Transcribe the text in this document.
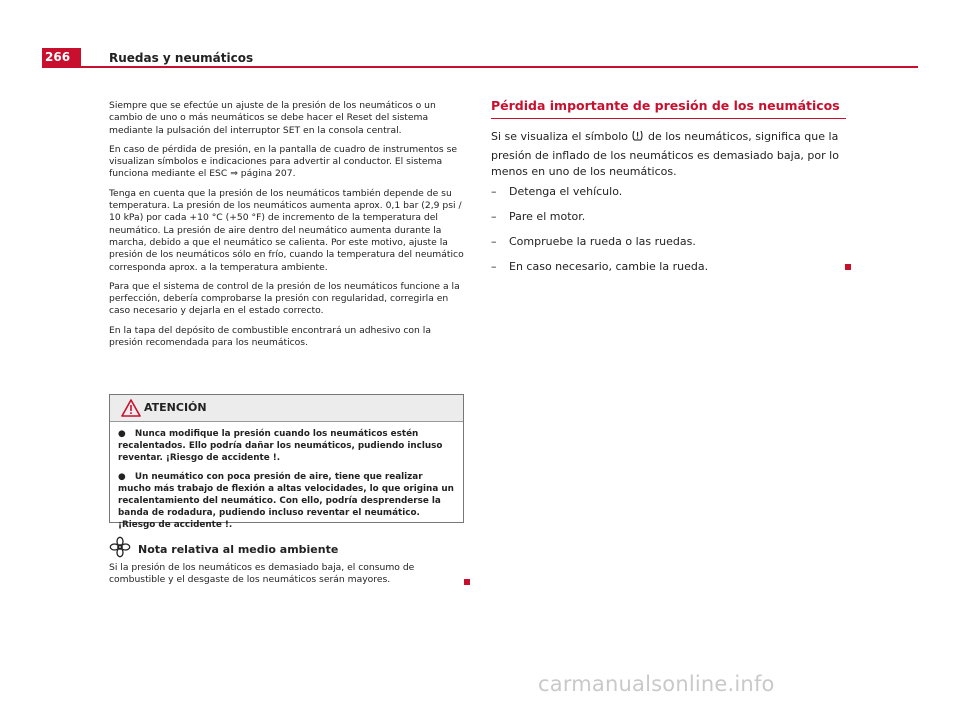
266	Ruedas y neumáticos

Siempre que se efectúe un ajuste de la presión de los neumáticos o un cambio de uno o más neumáticos se debe hacer el Reset del sistema mediante la pulsación del interruptor SET en la consola central.

En caso de pérdida de presión, en la pantalla de cuadro de instrumentos se visualizan símbolos e indicaciones para advertir al conductor. El sistema funciona mediante el ESC ⇒ página 207.

Tenga en cuenta que la presión de los neumáticos también depende de su temperatura. La presión de los neumáticos aumenta aprox. 0,1 bar (2,9 psi / 10 kPa) por cada +10 °C (+50 °F) de incremento de la temperatura del neumático. La presión de aire dentro del neumático aumenta durante la marcha, debido a que el neumático se calienta. Por este motivo, ajuste la presión de los neumáticos sólo en frío, cuando la temperatura del neumático corresponda aprox. a la temperatura ambiente.

Para que el sistema de control de la presión de los neumáticos funcione a la perfección, debería comprobarse la presión con regularidad, corregirla en caso necesario y dejarla en el estado correcto.

En la tapa del depósito de combustible encontrará un adhesivo con la presión recomendada para los neumáticos.

ATENCIÓN

● Nunca modifique la presión cuando los neumáticos estén recalentados. Ello podría dañar los neumáticos, pudiendo incluso reventar. ¡Riesgo de accidente !.

● Un neumático con poca presión de aire, tiene que realizar mucho más trabajo de flexión a altas velocidades, lo que origina un recalentamiento del neumático. Con ello, podría desprenderse la banda de rodadura, pudiendo incluso reventar el neumático. ¡Riesgo de accidente !.

Nota relativa al medio ambiente
Si la presión de los neumáticos es demasiado baja, el consumo de combustible y el desgaste de los neumáticos serán mayores.
Pérdida importante de presión de los neumáticos
Si se visualiza el símbolo de los neumáticos, significa que la presión de inflado de los neumáticos es demasiado baja, por lo menos en uno de los neumáticos.
– Detenga el vehículo.
– Pare el motor.
– Compruebe la rueda o las ruedas.
– En caso necesario, cambie la rueda.
carmanualsonline.info
